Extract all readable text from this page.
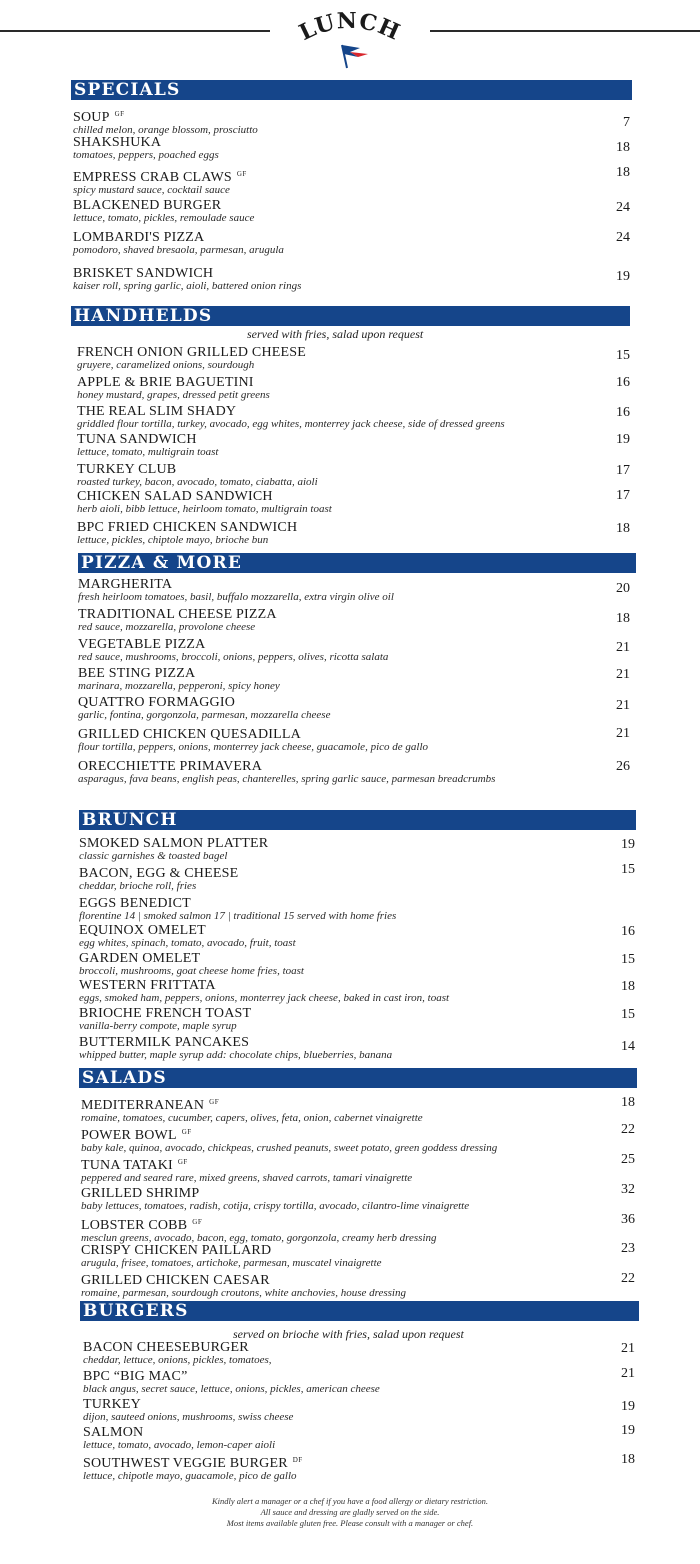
LUNCH
SPECIALS
SOUP $^{GF}$
chilled melon, orange blossom, prosciutto	7
SHAKSHUKA
tomatoes, peppers, poached eggs	18
EMPRESS CRAB CLAWS $^{GF}$
spicy mustard sauce, cocktail sauce
18
BLACKENED BURGER
lettuce, tomato, pickles, remoulade sauce
24
LOMBARDI'S PIZZA
pomodoro, shaved bresaola, parmesan, arugula
24
BRISKET SANDWICH
kaiser roll, spring garlic, aioli, battered onion rings
19
HANDHELDS
served with fries, salad upon request
FRENCH ONION GRILLED CHEESE
gruyere, caramelized onions, sourdough
15
APPLE & BRIE BAGUETINI
honey mustard, grapes, dressed petit greens
16
THE REAL SLIM SHADY
griddled flour tortilla, turkey, avocado, egg whites, monterrey jack cheese, side of dressed greens
16
TUNA SANDWICH
lettuce, tomato, multigrain toast
19
TURKEY CLUB
roasted turkey, bacon, avocado, tomato, ciabatta, aioli
17
CHICKEN SALAD SANDWICH
herb aioli, bibb lettuce, heirloom tomato, multigrain toast
17
BPC FRIED CHICKEN SANDWICH
lettuce, pickles, chiptole mayo, brioche bun
18
PIZZA & MORE
MARGHERITA
fresh heirloom tomatoes, basil, buffalo mozzarella, extra virgin olive oil
20
TRADITIONAL CHEESE PIZZA
red sauce, mozzarella, provolone cheese
18
VEGETABLE PIZZA
red sauce, mushrooms, broccoli, onions, peppers, olives, ricotta salata
21
BEE STING PIZZA
marinara, mozzarella, pepperoni, spicy honey
21
QUATTRO FORMAGGIO
garlic, fontina, gorgonzola, parmesan, mozzarella cheese
21
GRILLED CHICKEN QUESADILLA
flour tortilla, peppers, onions, monterrey jack cheese, guacamole, pico de gallo
21
ORECCHIETTE PRIMAVERA
asparagus, fava beans, english peas, chanterelles, spring garlic sauce, parmesan breadcrumbs
26
BRUNCH
SMOKED SALMON PLATTER
classic garnishes & toasted bagel
19
BACON, EGG & CHEESE
cheddar, brioche roll, fries
15
EGGS BENEDICT
florentine 14 | smoked salmon 17 | traditional 15 served with home fries
EQUINOX OMELET
egg whites, spinach, tomato, avocado, fruit, toast
16
GARDEN OMELET
broccoli, mushrooms, goat cheese home fries, toast
15
WESTERN FRITTATA
eggs, smoked ham, peppers, onions, monterrey jack cheese, baked in cast iron, toast
18
BRIOCHE FRENCH TOAST
vanilla-berry compote, maple syrup
15
BUTTERMILK PANCAKES
whipped butter, maple syrup add: chocolate chips, blueberries, banana
14
SALADS
MEDITERRANEAN $^{GF}$
romaine, tomatoes, cucumber, capers, olives, feta, onion, cabernet vinaigrette
18
POWER BOWL $^{GF}$
baby kale, quinoa, avocado, chickpeas, crushed peanuts, sweet potato, green goddess dressing
22
TUNA TATAKI $^{GF}$
peppered and seared rare, mixed greens, shaved carrots, tamari vinaigrette
25
GRILLED SHRIMP
baby lettuces, tomatoes, radish, cotija, crispy tortilla, avocado, cilantro-lime vinaigrette
32
LOBSTER COBB $^{GF}$
mesclun greens, avocado, bacon, egg, tomato, gorgonzola, creamy herb dressing
36
CRISPY CHICKEN PAILLARD
arugula, frisee, tomatoes, artichoke, parmesan, muscatel vinaigrette
23
GRILLED CHICKEN CAESAR
romaine, parmesan, sourdough croutons, white anchovies, house dressing
22
BURGERS
served on brioche with fries, salad upon request
BACON CHEESEBURGER
cheddar, lettuce, onions, pickles, tomatoes,
21
BPC “BIG MAC”
black angus, secret sauce, lettuce, onions, pickles, american cheese
21
TURKEY
dijon, sauteed onions, mushrooms, swiss cheese
19
SALMON
lettuce, tomato, avocado, lemon-caper aioli
19
SOUTHWEST VEGGIE BURGER $^{DF}$
lettuce, chipotle mayo, guacamole, pico de gallo
18
Kindly alert a manager or a chef if you have a food allergy or dietary restriction.
All sauce and dressing are gladly served on the side.
Most items available gluten free. Please consult with a manager or chef.
